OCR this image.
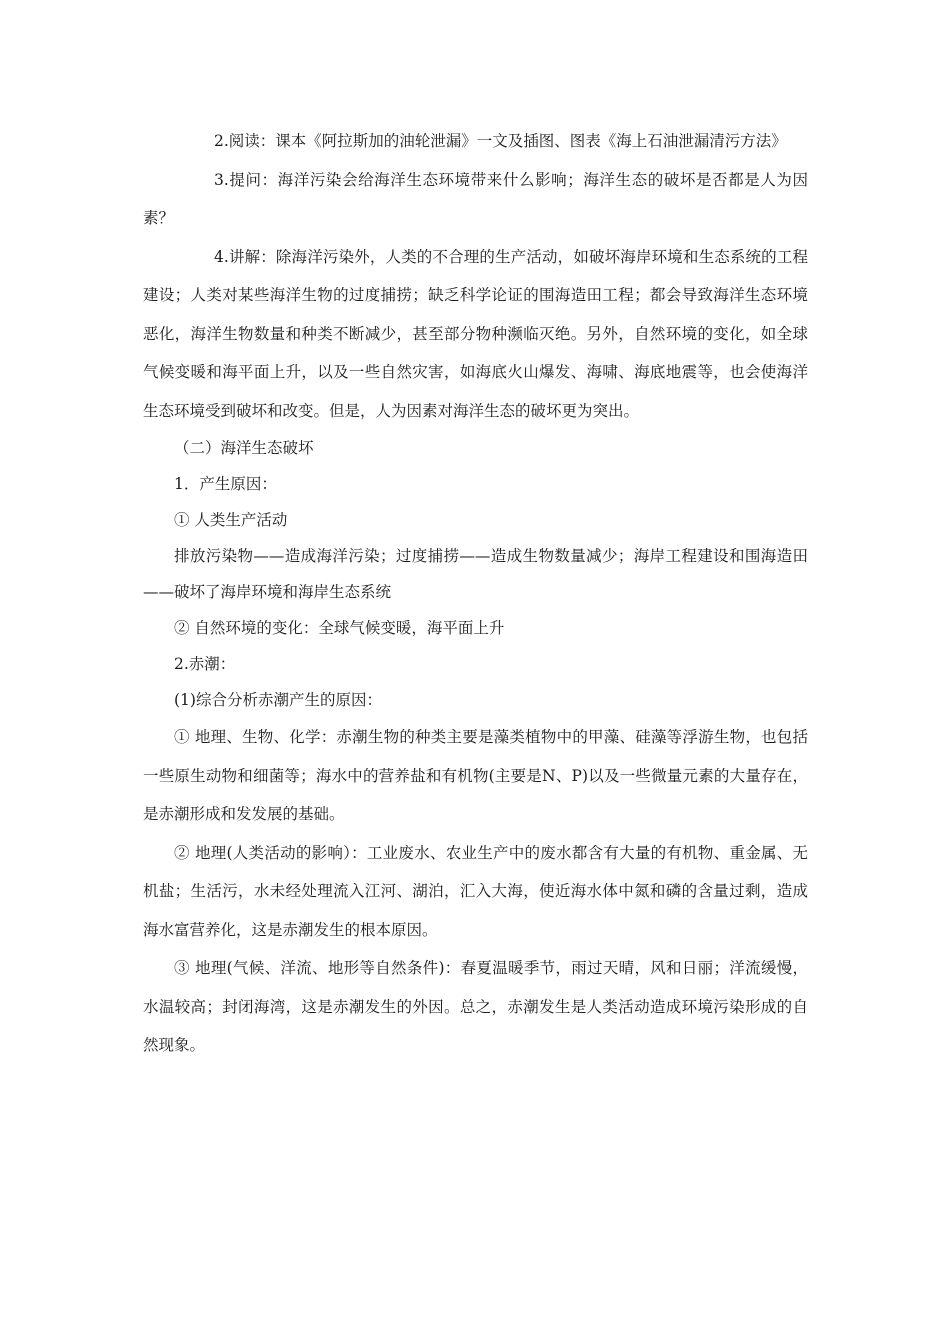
2.阅读：课本《阿拉斯加的油轮泄漏》一文及插图、图表《海上石油泄漏清污方法》

3.提问：海洋污染会给海洋生态环境带来什么影响；海洋生态的破坏是否都是人为因素？

4.讲解：除海洋污染外，人类的不合理的生产活动，如破坏海岸环境和生态系统的工程建设；人类对某些海洋生物的过度捕捞；缺乏科学论证的围海造田工程；都会导致海洋生态环境恶化，海洋生物数量和种类不断减少，甚至部分物种濒临灭绝。另外，自然环境的变化，如全球气候变暖和海平面上升，以及一些自然灾害，如海底火山爆发、海啸、海底地震等，也会使海洋生态环境受到破坏和改变。但是，人为因素对海洋生态的破坏更为突出。

（二）海洋生态破坏

1．产生原因：

① 人类生产活动

排放污染物——造成海洋污染；过度捕捞——造成生物数量减少；海岸工程建设和围海造田——破坏了海岸环境和海岸生态系统

② 自然环境的变化：全球气候变暖，海平面上升

2.赤潮：

(1)综合分析赤潮产生的原因：

① 地理、生物、化学：赤潮生物的种类主要是藻类植物中的甲藻、硅藻等浮游生物，也包括一些原生动物和细菌等；海水中的营养盐和有机物(主要是N、P)以及一些微量元素的大量存在，是赤潮形成和发发展的基础。

② 地理(人类活动的影响）：工业废水、农业生产中的废水都含有大量的有机物、重金属、无机盐；生活污，水未经处理流入江河、湖泊，汇入大海，使近海水体中氮和磷的含量过剩，造成海水富营养化，这是赤潮发生的根本原因。

③ 地理(气候、洋流、地形等自然条件)：春夏温暖季节，雨过天晴，风和日丽；洋流缓慢，水温较高；封闭海湾，这是赤潮发生的外因。总之，赤潮发生是人类活动造成环境污染形成的自然现象。
